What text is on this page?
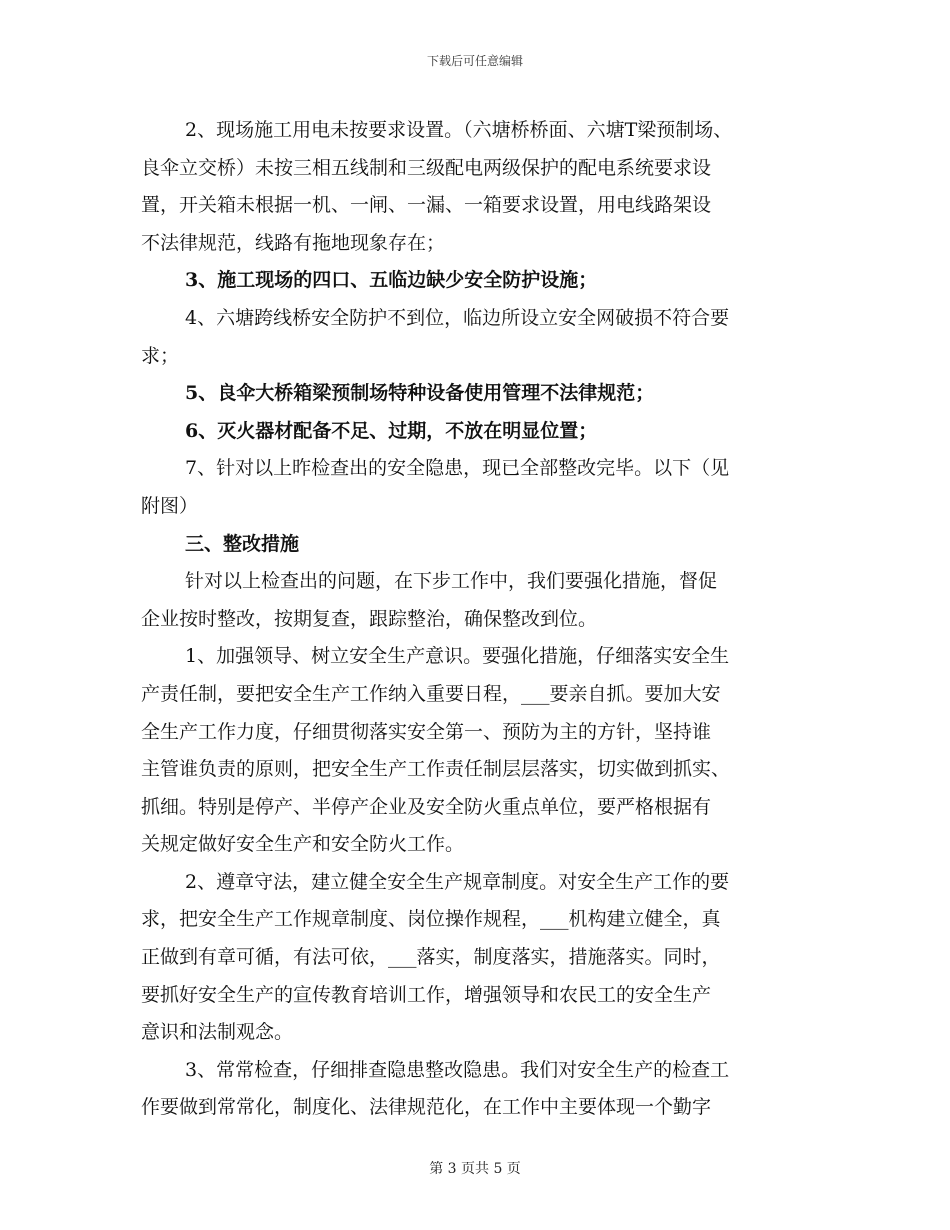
下载后可任意编辑
2、现场施工用电未按要求设置。（六塘桥桥面、六塘T梁预制场、
良伞立交桥）未按三相五线制和三级配电两级保护的配电系统要求设
置，开关箱未根据一机、一闸、一漏、一箱要求设置，用电线路架设
不法律规范，线路有拖地现象存在；
3、施工现场的四口、五临边缺少安全防护设施；
4、六塘跨线桥安全防护不到位，临边所设立安全网破损不符合要
求；
5、良伞大桥箱梁预制场特种设备使用管理不法律规范；
6、灭火器材配备不足、过期，不放在明显位置；
7、针对以上昨检查出的安全隐患，现已全部整改完毕。以下（见
附图）
三、整改措施
针对以上检查出的问题，在下步工作中，我们要强化措施，督促
企业按时整改，按期复查，跟踪整治，确保整改到位。
1、加强领导、树立安全生产意识。要强化措施，仔细落实安全生
产责任制，要把安全生产工作纳入重要日程，___要亲自抓。要加大安
全生产工作力度，仔细贯彻落实安全第一、预防为主的方针，坚持谁
主管谁负责的原则，把安全生产工作责任制层层落实，切实做到抓实、
抓细。特别是停产、半停产企业及安全防火重点单位，要严格根据有
关规定做好安全生产和安全防火工作。
2、遵章守法，建立健全安全生产规章制度。对安全生产工作的要
求，把安全生产工作规章制度、岗位操作规程，___机构建立健全，真
正做到有章可循，有法可依，___落实，制度落实，措施落实。同时，
要抓好安全生产的宣传教育培训工作，增强领导和农民工的安全生产
意识和法制观念。
3、常常检查，仔细排查隐患整改隐患。我们对安全生产的检查工
作要做到常常化，制度化、法律规范化，在工作中主要体现一个勤字
第 3 页共 5 页
